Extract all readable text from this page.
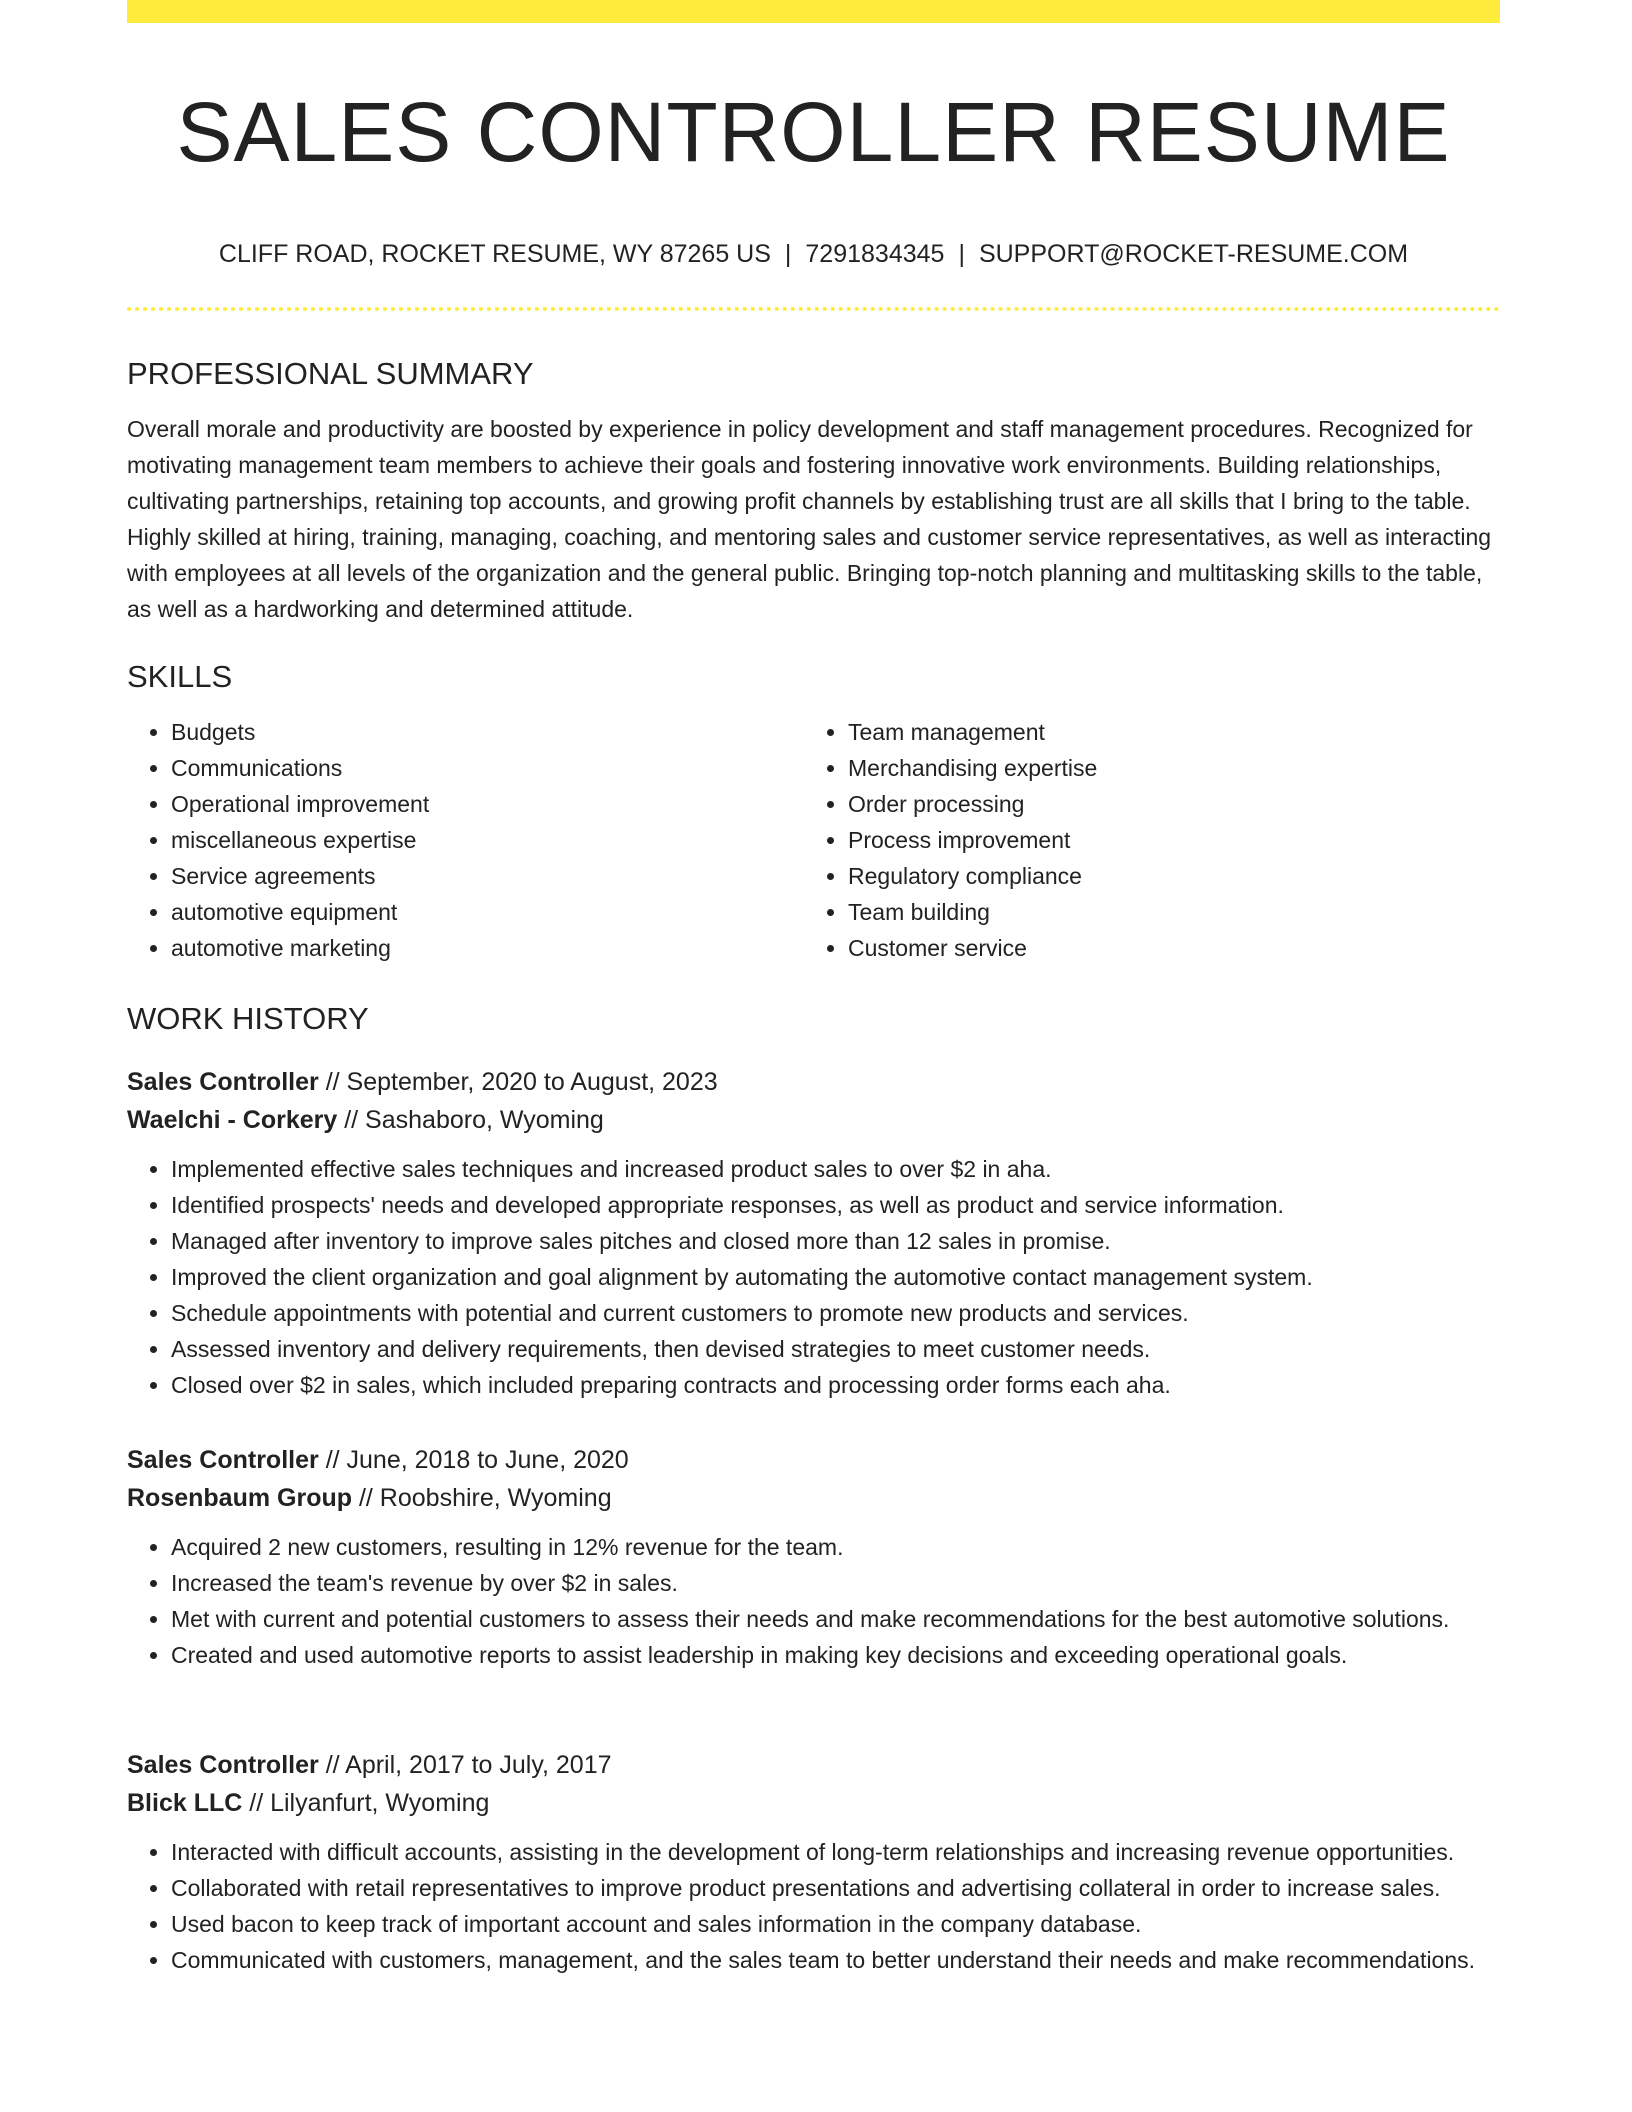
SALES CONTROLLER RESUME
CLIFF ROAD, ROCKET RESUME, WY 87265 US | 7291834345 | SUPPORT@ROCKET-RESUME.COM
PROFESSIONAL SUMMARY

Overall morale and productivity are boosted by experience in policy development and staff management procedures. Recognized for motivating management team members to achieve their goals and fostering innovative work environments. Building relationships, cultivating partnerships, retaining top accounts, and growing profit channels by establishing trust are all skills that I bring to the table. Highly skilled at hiring, training, managing, coaching, and mentoring sales and customer service representatives, as well as interacting with employees at all levels of the organization and the general public. Bringing top-notch planning and multitasking skills to the table, as well as a hardworking and determined attitude.

SKILLS
• Budgets
• Communications
• Operational improvement
• miscellaneous expertise
• Service agreements
• automotive equipment
• automotive marketing
• Team management
• Merchandising expertise
• Order processing
• Process improvement
• Regulatory compliance
• Team building
• Customer service
WORK HISTORY
Sales Controller // September, 2020 to August, 2023
Waelchi - Corkery // Sashaboro, Wyoming
• Implemented effective sales techniques and increased product sales to over $2 in aha.
• Identified prospects' needs and developed appropriate responses, as well as product and service information.
• Managed after inventory to improve sales pitches and closed more than 12 sales in promise.
• Improved the client organization and goal alignment by automating the automotive contact management system.
• Schedule appointments with potential and current customers to promote new products and services.
• Assessed inventory and delivery requirements, then devised strategies to meet customer needs.
• Closed over $2 in sales, which included preparing contracts and processing order forms each aha.
Sales Controller // June, 2018 to June, 2020
Rosenbaum Group // Roobshire, Wyoming
• Acquired 2 new customers, resulting in 12% revenue for the team.
• Increased the team's revenue by over $2 in sales.
• Met with current and potential customers to assess their needs and make recommendations for the best automotive solutions.
• Created and used automotive reports to assist leadership in making key decisions and exceeding operational goals.
Sales Controller // April, 2017 to July, 2017
Blick LLC // Lilyanfurt, Wyoming
• Interacted with difficult accounts, assisting in the development of long-term relationships and increasing revenue opportunities.
• Collaborated with retail representatives to improve product presentations and advertising collateral in order to increase sales.
• Used bacon to keep track of important account and sales information in the company database.
• Communicated with customers, management, and the sales team to better understand their needs and make recommendations.
